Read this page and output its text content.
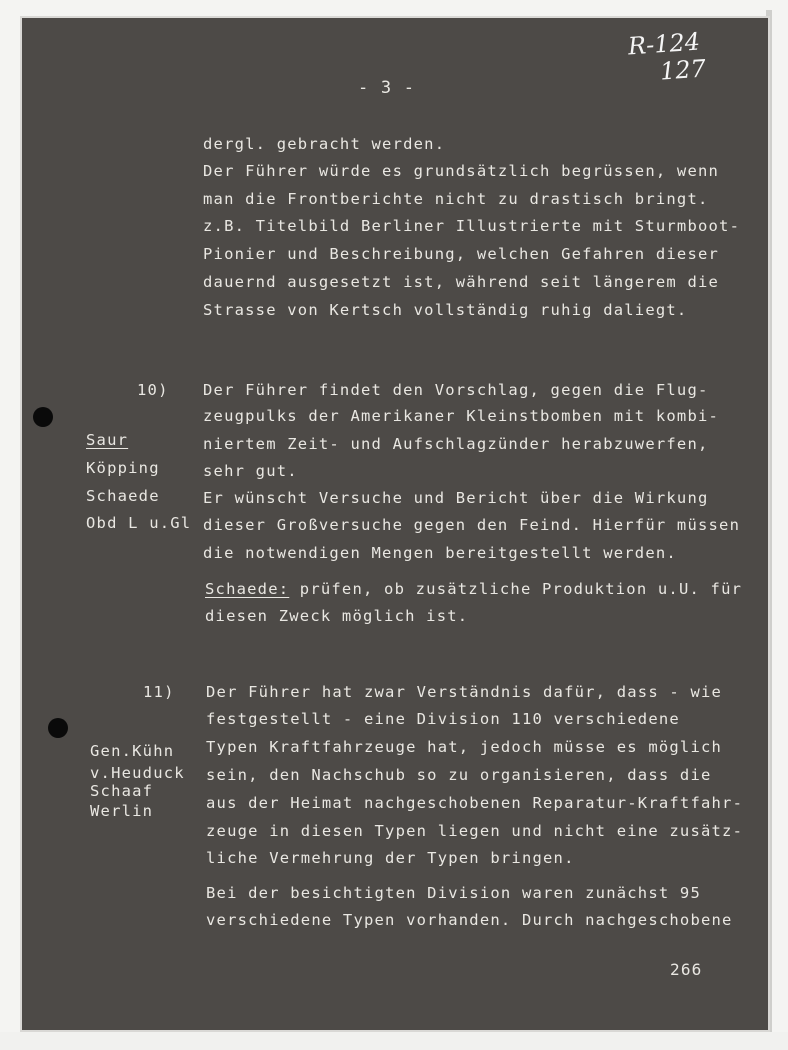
R-124
127
- 3 -
dergl. gebracht werden.
Der Führer würde es grundsätzlich begrüssen, wenn
man die Frontberichte nicht zu drastisch bringt.
z.B. Titelbild Berliner Illustrierte mit Sturmboot-
Pionier und Beschreibung, welchen Gefahren dieser
dauernd ausgesetzt ist, während seit längerem die
Strasse von Kertsch vollständig ruhig daliegt.
10)
Saur
Köpping
Schaede
Obd L u.Gl
Der Führer findet den Vorschlag, gegen die Flug-
zeugpulks der Amerikaner Kleinstbomben mit kombi-
niertem Zeit- und Aufschlagzünder herabzuwerfen,
sehr gut.
Er wünscht Versuche und Bericht über die Wirkung
dieser Großversuche gegen den Feind. Hierfür müssen
die notwendigen Mengen bereitgestellt werden.
Schaede: prüfen, ob zusätzliche Produktion u.U. für
diesen Zweck möglich ist.
11)
Gen.Kühn
v.Heuduck
Schaaf
Werlin
Der Führer hat zwar Verständnis dafür, dass - wie
festgestellt - eine Division 110 verschiedene
Typen Kraftfahrzeuge hat, jedoch müsse es möglich
sein, den Nachschub so zu organisieren, dass die
aus der Heimat nachgeschobenen Reparatur-Kraftfahr-
zeuge in diesen Typen liegen und nicht eine zusätz-
liche Vermehrung der Typen bringen.
Bei der besichtigten Division waren zunächst 95
verschiedene Typen vorhanden. Durch nachgeschobene
266
